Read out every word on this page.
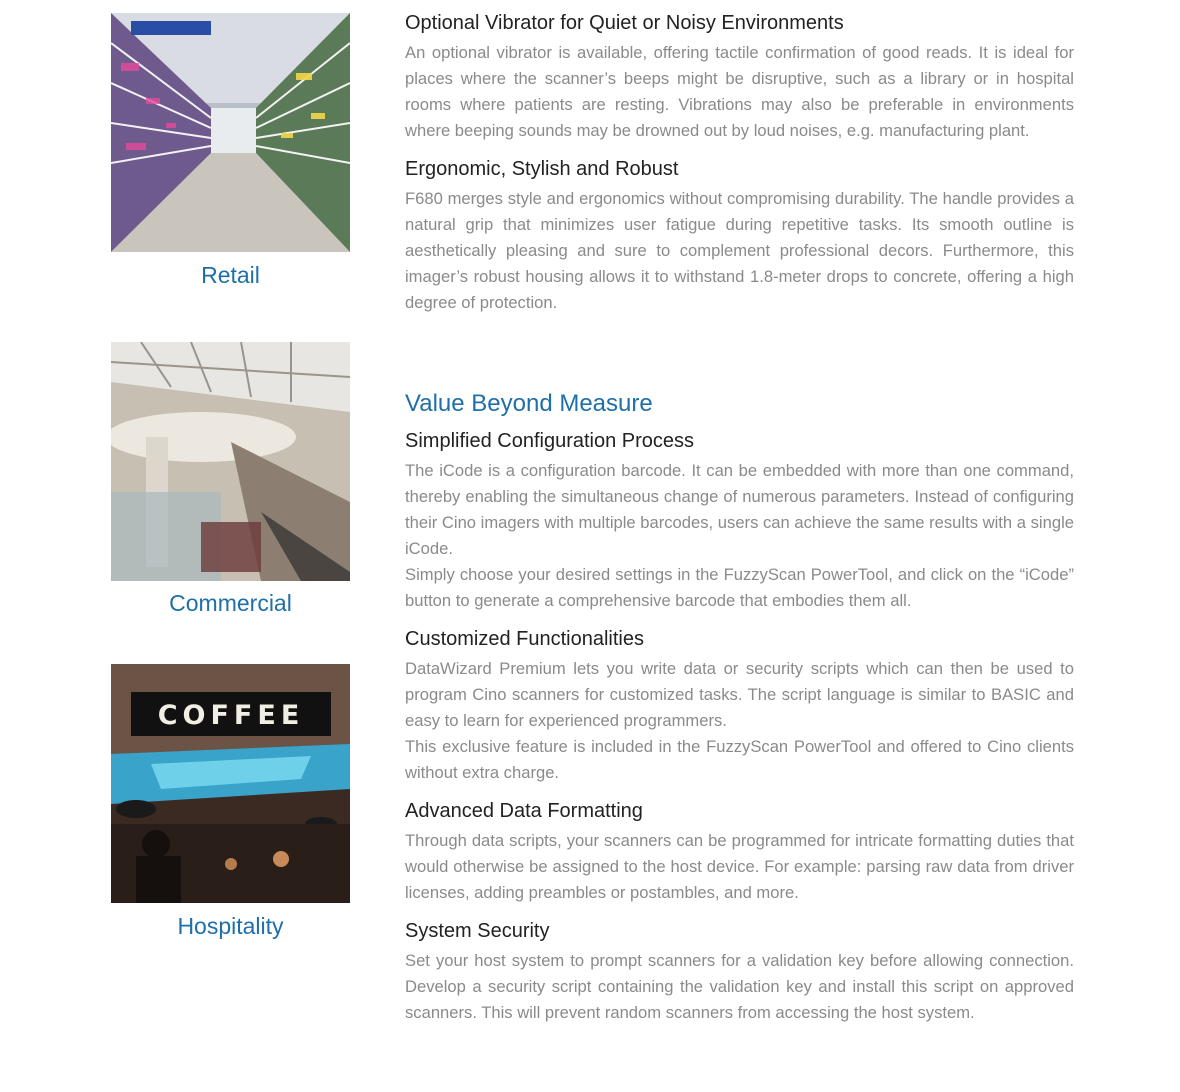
Retail
Commercial
COFFEE
Hospitality
Optional Vibrator for Quiet or Noisy Environments

An optional vibrator is available, offering tactile confirmation of good reads. It is ideal for places where the scanner’s beeps might be disruptive, such as a library or in hospital rooms where patients are resting. Vibrations may also be preferable in environments where beeping sounds may be drowned out by loud noises, e.g. manufacturing plant.

Ergonomic, Stylish and Robust

F680 merges style and ergonomics without compromising durability. The handle provides a natural grip that minimizes user fatigue during repetitive tasks. Its smooth outline is aesthetically pleasing and sure to complement professional decors. Furthermore, this imager’s robust housing allows it to withstand 1.8-meter drops to concrete, offering a high degree of protection.

Value Beyond Measure
Simplified Configuration Process

The iCode is a configuration barcode. It can be embedded with more than one command, thereby enabling the simultaneous change of numerous parameters. Instead of configuring their Cino imagers with multiple barcodes, users can achieve the same results with a single iCode.

Simply choose your desired settings in the FuzzyScan PowerTool, and click on the “iCode” button to generate a comprehensive barcode that embodies them all.

Customized Functionalities

DataWizard Premium lets you write data or security scripts which can then be used to program Cino scanners for customized tasks. The script language is similar to BASIC and easy to learn for experienced programmers.

This exclusive feature is included in the FuzzyScan PowerTool and offered to Cino clients without extra charge.

Advanced Data Formatting

Through data scripts, your scanners can be programmed for intricate formatting duties that would otherwise be assigned to the host device. For example: parsing raw data from driver licenses, adding preambles or postambles, and more.

System Security

Set your host system to prompt scanners for a validation key before allowing connection. Develop a security script containing the validation key and install this script on approved scanners. This will prevent random scanners from accessing the host system.
